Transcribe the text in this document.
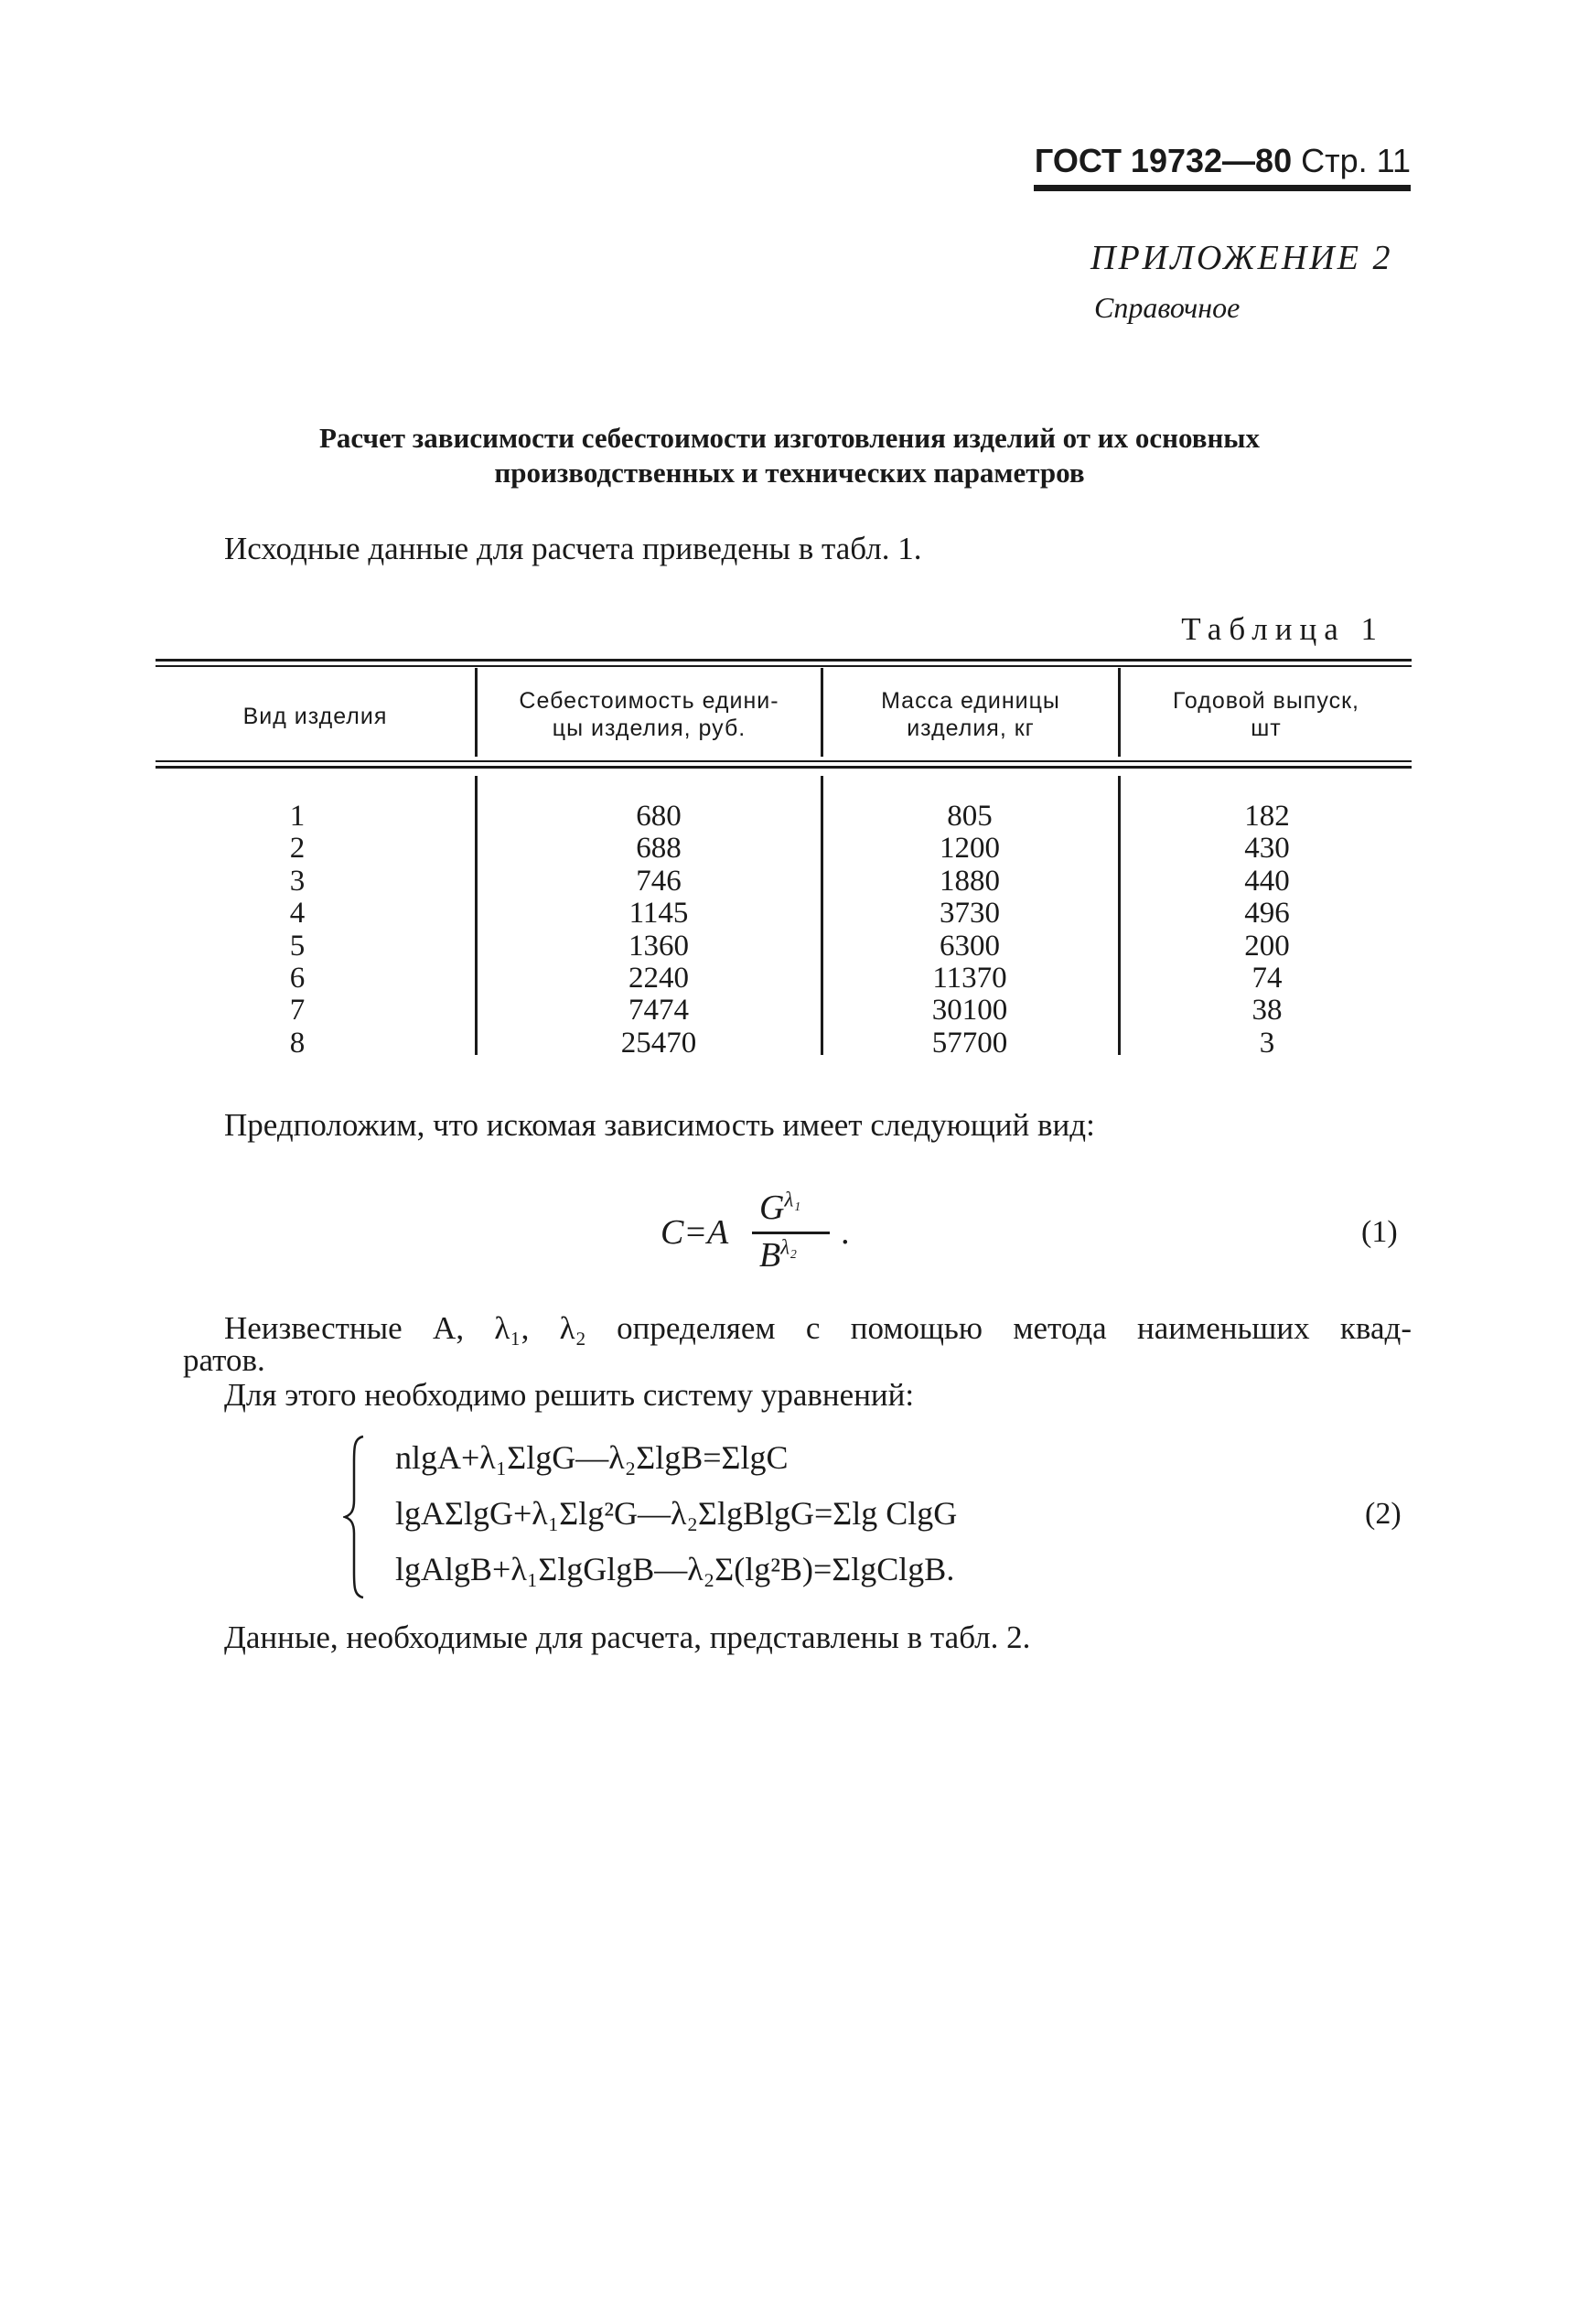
ГОСТ 19732—80 Стр. 11
ПРИЛОЖЕНИЕ 2
Справочное
Расчет зависимости себестоимости изготовления изделий от их основных
производственных и технических параметров
Исходные данные для расчета приведены в табл. 1.
Таблица 1
Вид изделия
Себестоимость едини-
цы изделия, руб.
Масса единицы
изделия, кг
Годовой выпуск,
шт
1
2
3
4
5
6
7
8
680
688
746
1145
1360
2240
7474
25470
805
1200
1880
3730
6300
11370
30100
57700
182
430
440
496
200
74
38
3
Предположим, что искомая зависимость имеет следующий вид:
C=A
$G^{\lambda_1}$
$B^{\lambda_2}$ .	(1)
Неизвестные A, λ₁, λ₂ определяем с помощью метода наименьших квад-
ратов.
Для этого необходимо решить систему уравнений:
nlgA+λ₁ΣlgG—λ₂ΣlgB=ΣlgC
lgAΣlgG+λ₁Σlg²G—λ₂ΣlgBlgG=Σlg ClgG
lgAlgB+λ₁ΣlgGlgB—λ₂Σ(lg²B)=ΣlgClgB.
(2)
Данные, необходимые для расчета, представлены в табл. 2.
